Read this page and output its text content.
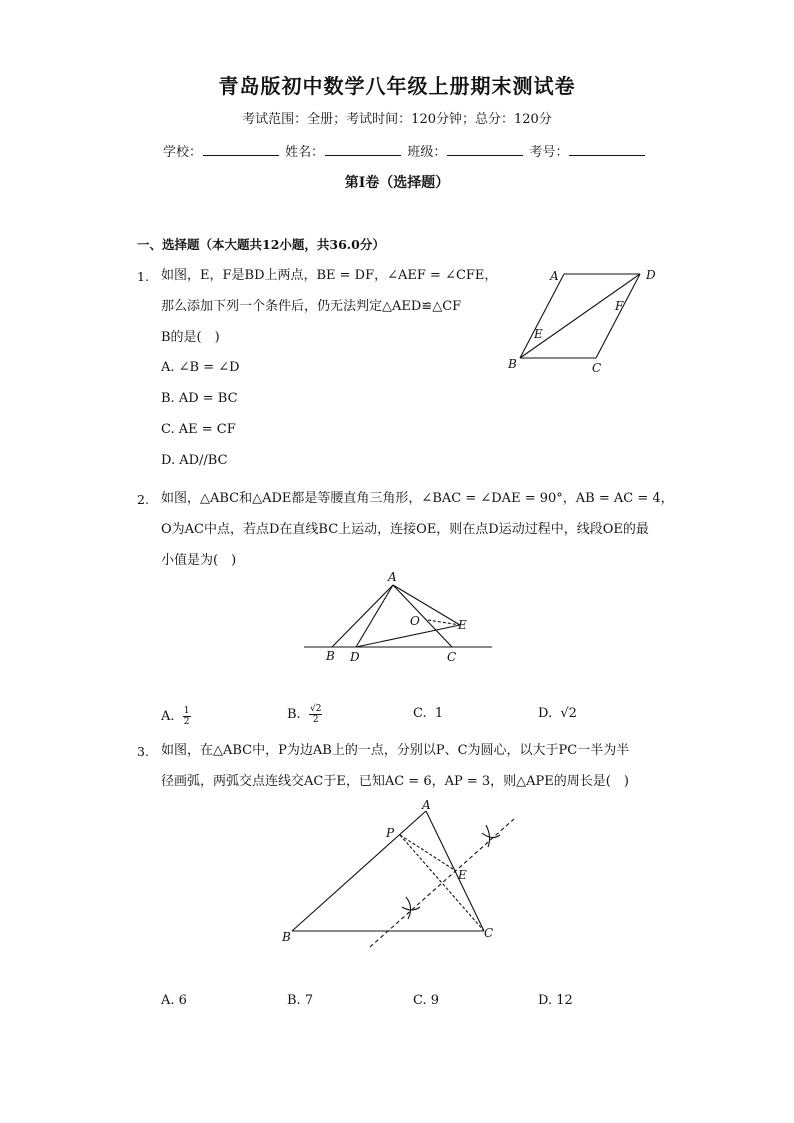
青岛版初中数学八年级上册期末测试卷
考试范围：全册；考试时间：120分钟；总分：120分
学校：	姓名：	班级：	考号：
第I卷（选择题）
一、选择题（本大题共12小题，共36.0分）
1. 如图，E，F是BD上两点，BE = DF，∠AEF = ∠CFE，
那么添加下列一个条件后，仍无法判定△AED≌△CF
B的是(　)
A. ∠B = ∠D
B. AD = BC
C. AE = CF
D. AD//BC
A	D
F
E
B	C
2. 如图，△ABC和△ADE都是等腰直角三角形，∠BAC = ∠DAE = 90°，AB = AC = 4，
O为AC中点，若点D在直线BC上运动，连接OE，则在点D运动过程中，线段OE的最
小值是为(　)
A
O	E
B D	C
A. $\frac{1}{2}$	B. $\frac{√2}{2}$	C. 1	D. √2
3. 如图，在△ABC中，P为边AB上的一点，分别以P、C为圆心，以大于PC一半为半
径画弧，两弧交点连线交AC于E，已知AC = 6，AP = 3，则△APE的周长是(　)
A
P
E
B	C
A. 6	B. 7	C. 9	D. 12
